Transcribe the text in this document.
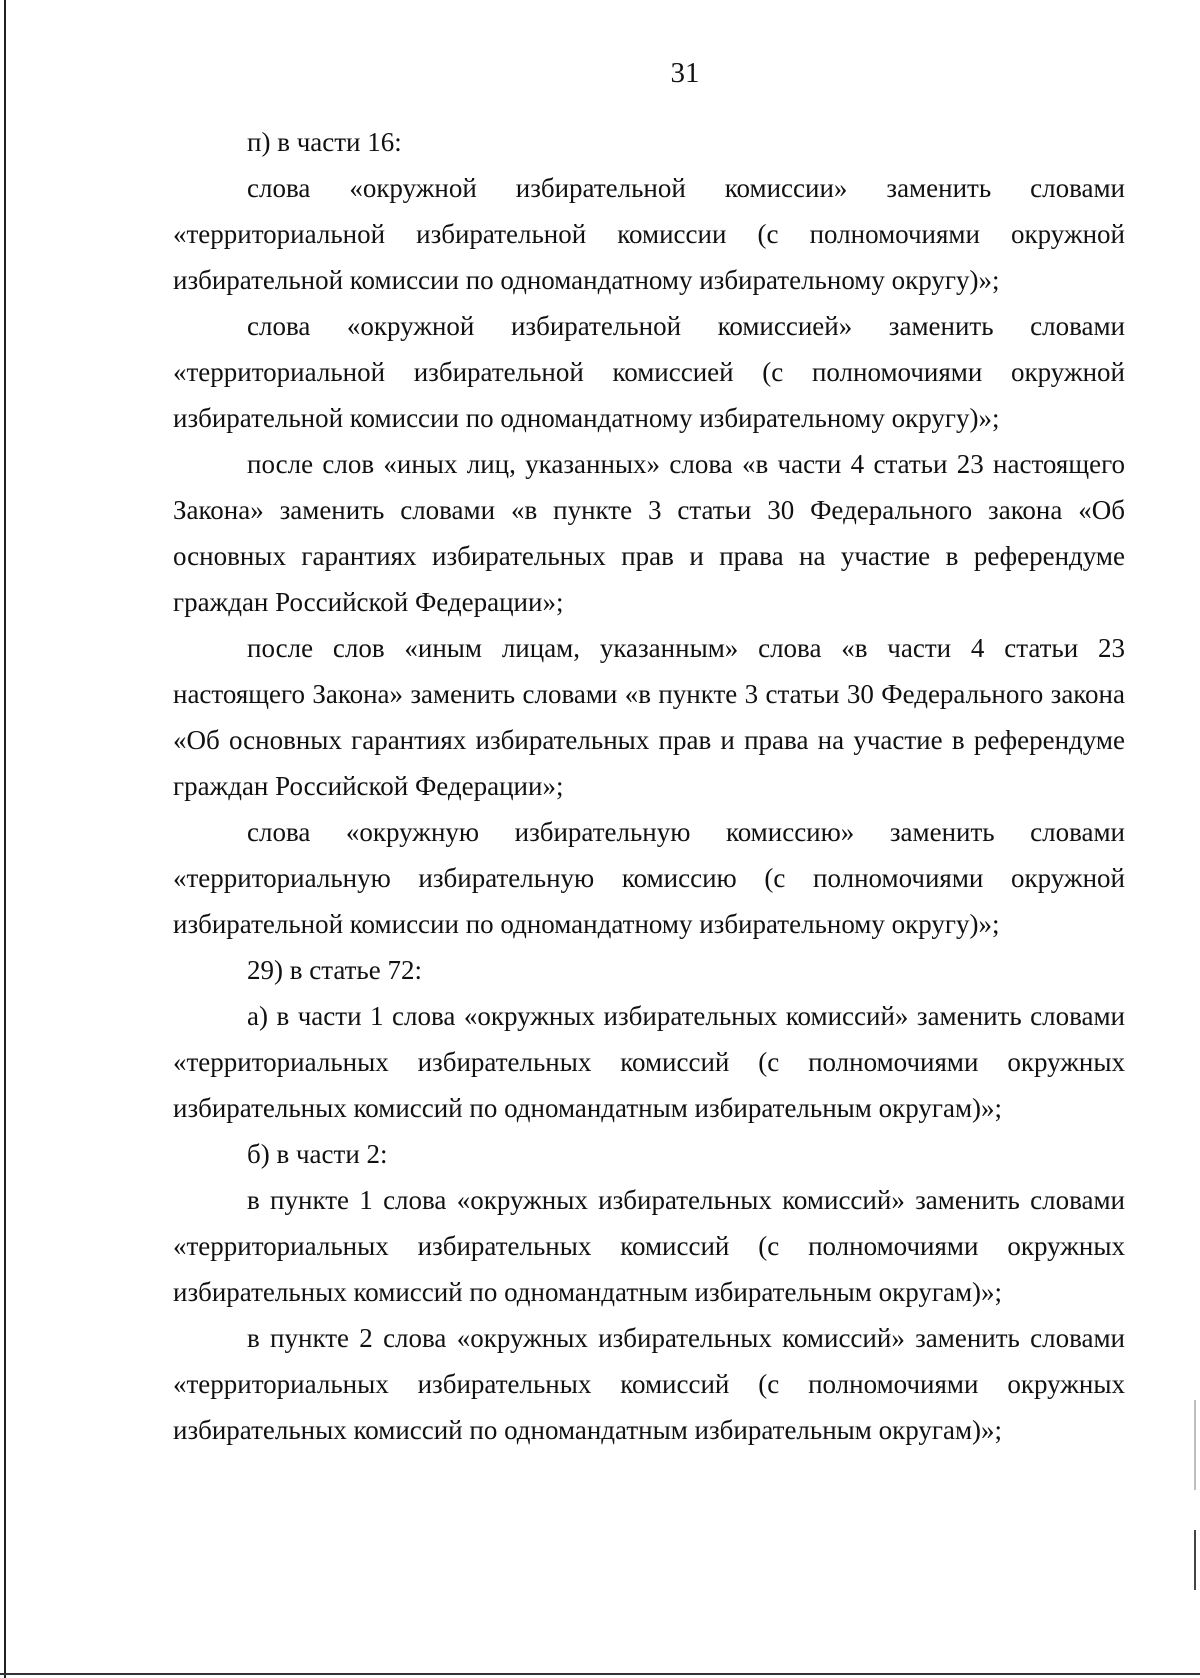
31

п) в части 16:

слова «окружной избирательной комиссии» заменить словами «территориальной избирательной комиссии (с полномочиями окружной избирательной комиссии по одномандатному избирательному округу)»;

слова «окружной избирательной комиссией» заменить словами «территориальной избирательной комиссией (с полномочиями окружной избирательной комиссии по одномандатному избирательному округу)»;

после слов «иных лиц, указанных» слова «в части 4 статьи 23 настоящего Закона» заменить словами «в пункте 3 статьи 30 Федерального закона «Об основных гарантиях избирательных прав и права на участие в референдуме граждан Российской Федерации»;

после слов «иным лицам, указанным» слова «в части 4 статьи 23 настоящего Закона» заменить словами «в пункте 3 статьи 30 Федерального закона «Об основных гарантиях избирательных прав и права на участие в референдуме граждан Российской Федерации»;

слова «окружную избирательную комиссию» заменить словами «территориальную избирательную комиссию (с полномочиями окружной избирательной комиссии по одномандатному избирательному округу)»;

29) в статье 72:

а) в части 1 слова «окружных избирательных комиссий» заменить словами «территориальных избирательных комиссий (с полномочиями окружных избирательных комиссий по одномандатным избирательным округам)»;

б) в части 2:

в пункте 1 слова «окружных избирательных комиссий» заменить словами «территориальных избирательных комиссий (с полномочиями окружных избирательных комиссий по одномандатным избирательным округам)»;

в пункте 2 слова «окружных избирательных комиссий» заменить словами «территориальных избирательных комиссий (с полномочиями окружных избирательных комиссий по одномандатным избирательным округам)»;
